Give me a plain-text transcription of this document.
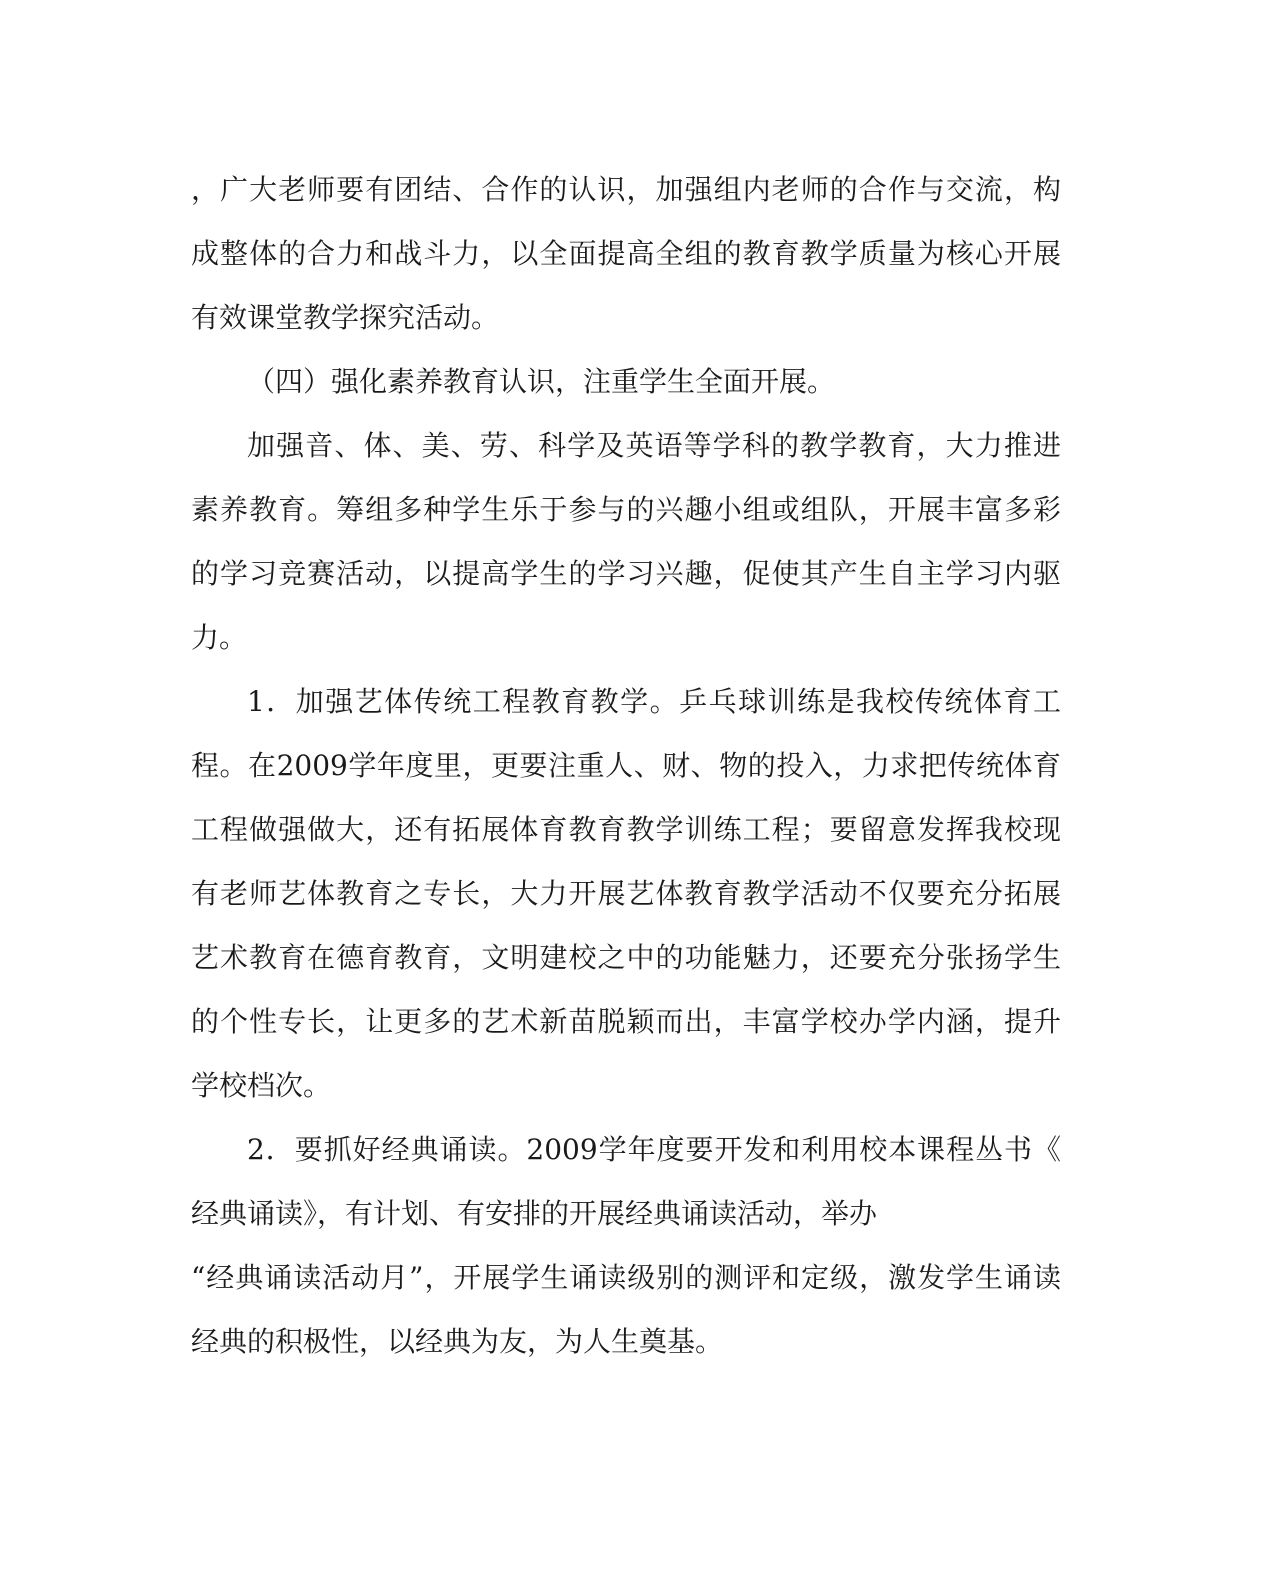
，广大老师要有团结、合作的认识，加强组内老师的合作与交流，构
成整体的合力和战斗力，以全面提高全组的教育教学质量为核心开展
有效课堂教学探究活动。
（四）强化素养教育认识，注重学生全面开展。
加强音、体、美、劳、科学及英语等学科的教学教育，大力推进
素养教育。筹组多种学生乐于参与的兴趣小组或组队，开展丰富多彩
的学习竞赛活动，以提高学生的学习兴趣，促使其产生自主学习内驱
力。
1．加强艺体传统工程教育教学。乒乓球训练是我校传统体育工
程。在2009学年度里，更要注重人、财、物的投入，力求把传统体育
工程做强做大，还有拓展体育教育教学训练工程；要留意发挥我校现
有老师艺体教育之专长，大力开展艺体教育教学活动不仅要充分拓展
艺术教育在德育教育，文明建校之中的功能魅力，还要充分张扬学生
的个性专长，让更多的艺术新苗脱颖而出，丰富学校办学内涵，提升
学校档次。
2．要抓好经典诵读。2009学年度要开发和利用校本课程丛书《
经典诵读》，有计划、有安排的开展经典诵读活动，举办
“经典诵读活动月”，开展学生诵读级别的测评和定级，激发学生诵读
经典的积极性，以经典为友，为人生奠基。
